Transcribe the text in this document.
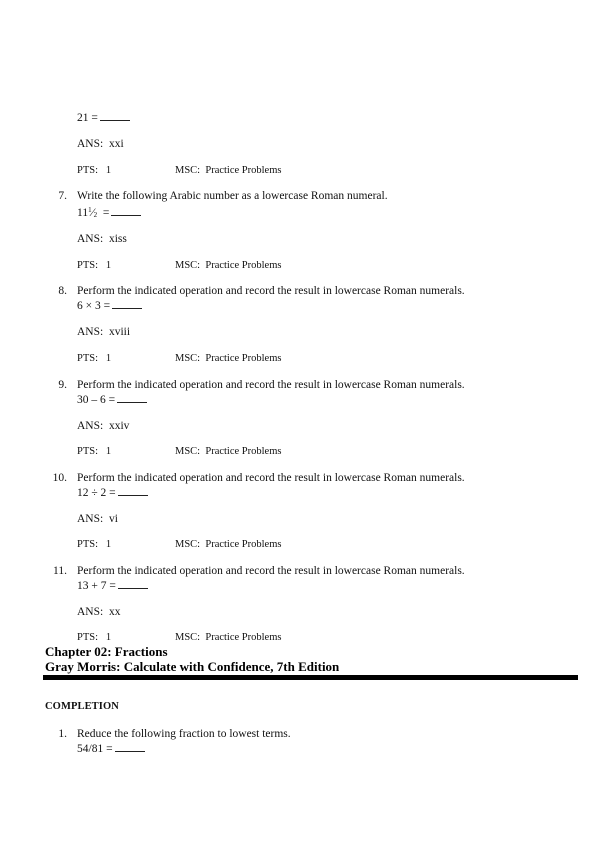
21 =
ANS: xxi
PTS: 1	MSC: Practice Problems
7. Write the following Arabic number as a lowercase Roman numeral.
$11^1⁄_2$  =
ANS: xiss
PTS: 1	MSC: Practice Problems
8. Perform the indicated operation and record the result in lowercase Roman numerals.
6 × 3 =
ANS: xviii
PTS: 1	MSC: Practice Problems
9. Perform the indicated operation and record the result in lowercase Roman numerals.
30 – 6 =
ANS: xxiv
PTS: 1	MSC: Practice Problems
10. Perform the indicated operation and record the result in lowercase Roman numerals.
12 ÷ 2 =
ANS: vi
PTS: 1	MSC: Practice Problems
11. Perform the indicated operation and record the result in lowercase Roman numerals.
13 + 7 =
ANS: xx
PTS: 1	MSC: Practice Problems
Chapter 02: Fractions
Gray Morris: Calculate with Confidence, 7th Edition
COMPLETION
1. Reduce the following fraction to lowest terms.
54/81 =
